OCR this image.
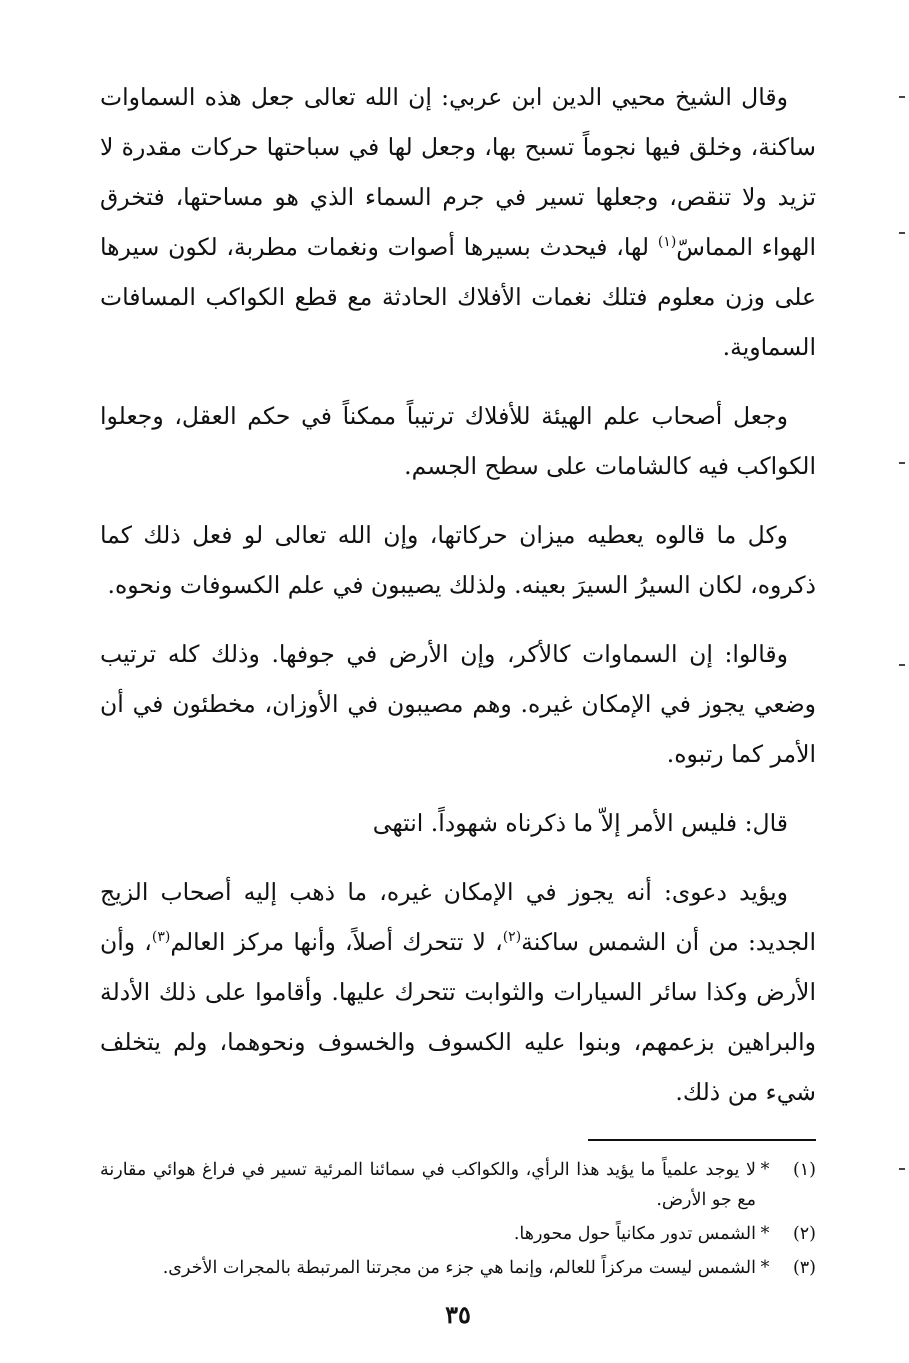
وقال الشيخ محيي الدين ابن عربي: إن الله تعالى جعل هذه السماوات ساكنة، وخلق فيها نجوماً تسبح بها، وجعل لها في سباحتها حركات مقدرة لا تزيد ولا تنقص، وجعلها تسير في جرم السماء الذي هو مساحتها، فتخرق الهواء المماسّ$^{(١)}$ لها، فيحدث بسيرها أصوات ونغمات مطربة، لكون سيرها على وزن معلوم فتلك نغمات الأفلاك الحادثة مع قطع الكواكب المسافات السماوية.

وجعل أصحاب علم الهيئة للأفلاك ترتيباً ممكناً في حكم العقل، وجعلوا الكواكب فيه كالشامات على سطح الجسم.

وكل ما قالوه يعطيه ميزان حركاتها، وإن الله تعالى لو فعل ذلك كما ذكروه، لكان السيرُ السيرَ بعينه. ولذلك يصيبون في علم الكسوفات ونحوه.

وقالوا: إن السماوات كالأكر، وإن الأرض في جوفها. وذلك كله ترتيب وضعي يجوز في الإمكان غيره. وهم مصيبون في الأوزان، مخطئون في أن الأمر كما رتبوه.

قال: فليس الأمر إلاّ ما ذكرناه شهوداً. انتهى

ويؤيد دعوى: أنه يجوز في الإمكان غيره، ما ذهب إليه أصحاب الزيج الجديد: من أن الشمس ساكنة$^{(٢)}$، لا تتحرك أصلاً، وأنها مركز العالم$^{(٣)}$، وأن الأرض وكذا سائر السيارات والثوابت تتحرك عليها. وأقاموا على ذلك الأدلة والبراهين بزعمهم، وبنوا عليه الكسوف والخسوف ونحوهما، ولم يتخلف شيء من ذلك.

(١)
*
لا يوجد علمياً ما يؤيد هذا الرأي، والكواكب في سمائنا المرئية تسير في فراغ هوائي مقارنة مع جو الأرض.
(٢)
*
الشمس تدور مكانياً حول محورها.
(٣)
*
الشمس ليست مركزاً للعالم، وإنما هي جزء من مجرتنا المرتبطة بالمجرات الأخرى.
٣٥
